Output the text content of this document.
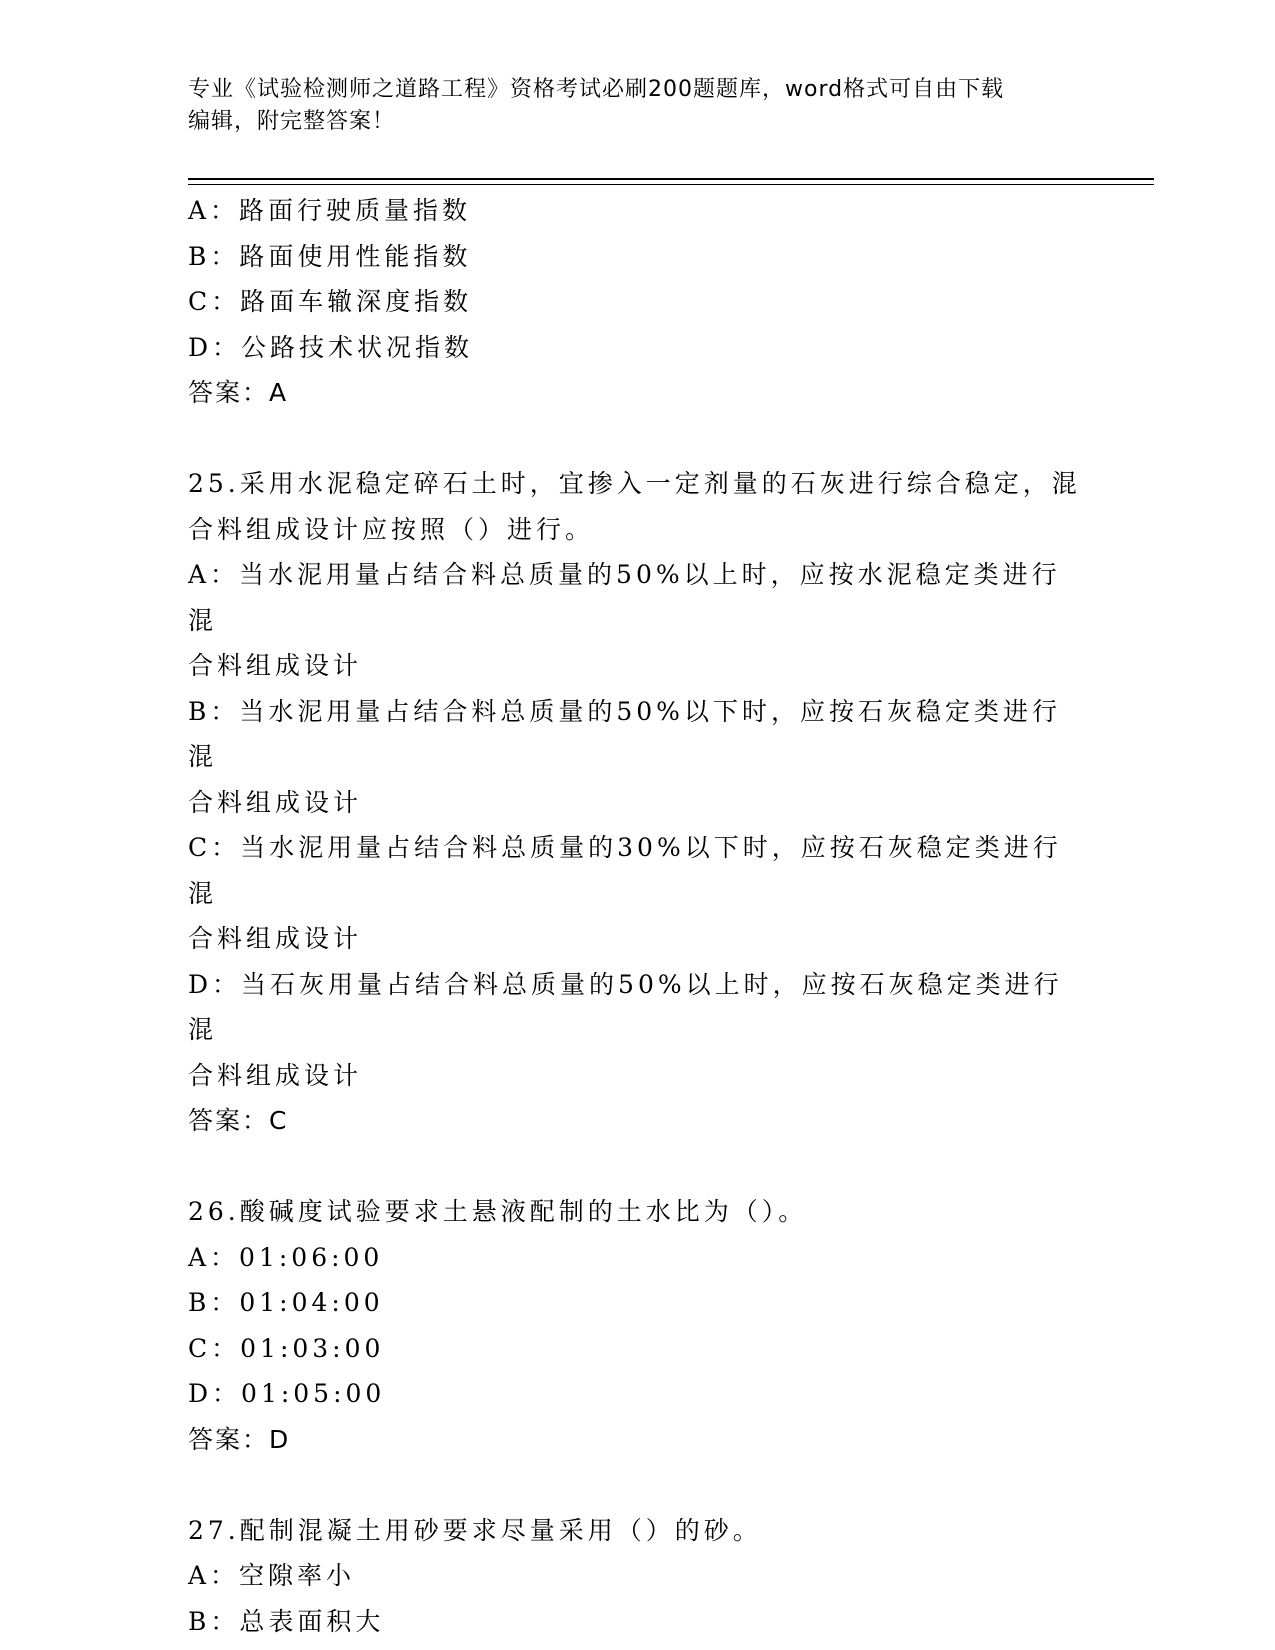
专业《试验检测师之道路工程》资格考试必刷200题题库，word格式可自由下载
编辑，附完整答案！

A：路面行驶质量指数

B：路面使用性能指数

C：路面车辙深度指数

D：公路技术状况指数

答案：A

25.采用水泥稳定碎石土时，宜掺入一定剂量的石灰进行综合稳定，混

合料组成设计应按照（）进行。

A：当水泥用量占结合料总质量的50%以上时，应按水泥稳定类进行混

合料组成设计

B：当水泥用量占结合料总质量的50%以下时，应按石灰稳定类进行混

合料组成设计

C：当水泥用量占结合料总质量的30%以下时，应按石灰稳定类进行混

合料组成设计

D：当石灰用量占结合料总质量的50%以上时，应按石灰稳定类进行混

合料组成设计

答案：C

26.酸碱度试验要求土悬液配制的土水比为（）。

A：01:06:00

B：01:04:00

C：01:03:00

D：01:05:00

答案：D

27.配制混凝土用砂要求尽量采用（）的砂。

A：空隙率小

B：总表面积大
